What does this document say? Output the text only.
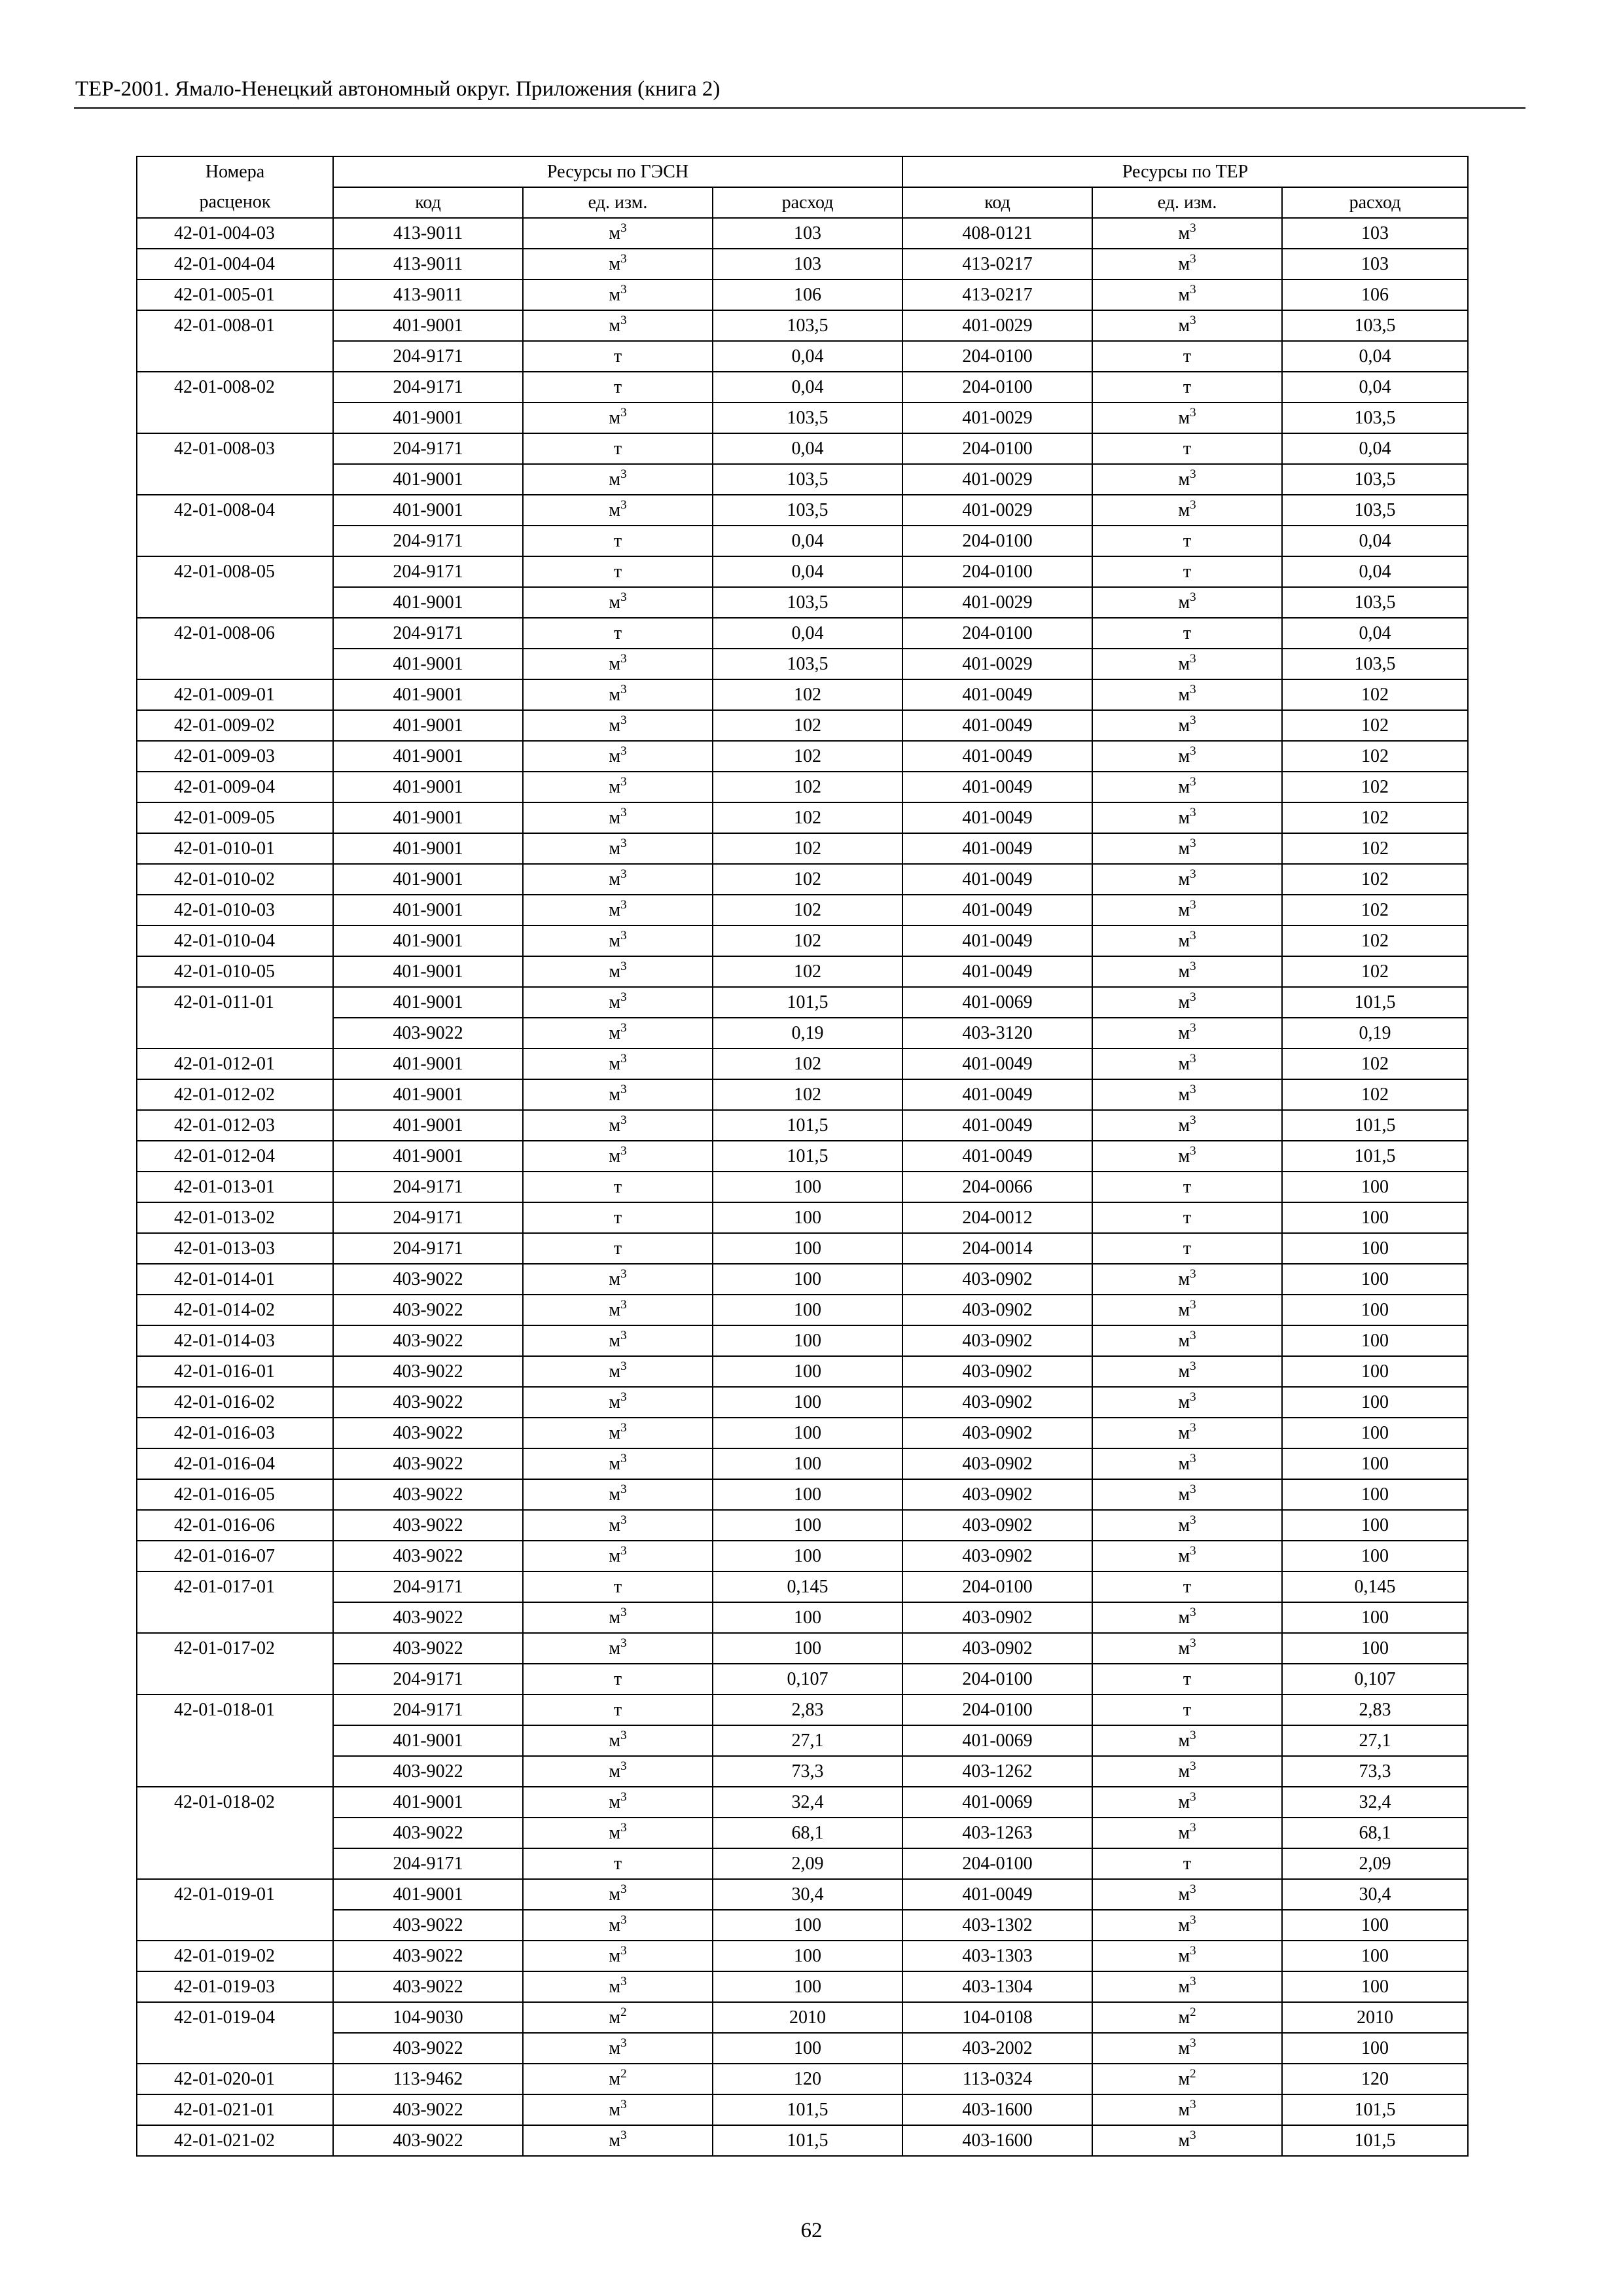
ТЕР-2001. Ямало-Ненецкий автономный округ. Приложения (книга 2)
Номера	Ресурсы по ГЭСН			Ресурсы по ТЕР		
расценок	код	ед. изм.	расход	код	ед. изм.	расход
42-01-004-03	413-9011	$м^3$	103	408-0121	$м^3$	103
42-01-004-04	413-9011	$м^3$	103	413-0217	$м^3$	103
42-01-005-01	413-9011	$м^3$	106	413-0217	$м^3$	106
42-01-008-01	401-9001	$м^3$	103,5	401-0029	$м^3$	103,5
	204-9171	т	0,04	204-0100	т	0,04
42-01-008-02	204-9171	т	0,04	204-0100	т	0,04
	401-9001	$м^3$	103,5	401-0029	$м^3$	103,5
42-01-008-03	204-9171	т	0,04	204-0100	т	0,04
	401-9001	$м^3$	103,5	401-0029	$м^3$	103,5
42-01-008-04	401-9001	$м^3$	103,5	401-0029	$м^3$	103,5
	204-9171	т	0,04	204-0100	т	0,04
42-01-008-05	204-9171	т	0,04	204-0100	т	0,04
	401-9001	$м^3$	103,5	401-0029	$м^3$	103,5
42-01-008-06	204-9171	т	0,04	204-0100	т	0,04
	401-9001	$м^3$	103,5	401-0029	$м^3$	103,5
42-01-009-01	401-9001	$м^3$	102	401-0049	$м^3$	102
42-01-009-02	401-9001	$м^3$	102	401-0049	$м^3$	102
42-01-009-03	401-9001	$м^3$	102	401-0049	$м^3$	102
42-01-009-04	401-9001	$м^3$	102	401-0049	$м^3$	102
42-01-009-05	401-9001	$м^3$	102	401-0049	$м^3$	102
42-01-010-01	401-9001	$м^3$	102	401-0049	$м^3$	102
42-01-010-02	401-9001	$м^3$	102	401-0049	$м^3$	102
42-01-010-03	401-9001	$м^3$	102	401-0049	$м^3$	102
42-01-010-04	401-9001	$м^3$	102	401-0049	$м^3$	102
42-01-010-05	401-9001	$м^3$	102	401-0049	$м^3$	102
42-01-011-01	401-9001	$м^3$	101,5	401-0069	$м^3$	101,5
	403-9022	$м^3$	0,19	403-3120	$м^3$	0,19
42-01-012-01	401-9001	$м^3$	102	401-0049	$м^3$	102
42-01-012-02	401-9001	$м^3$	102	401-0049	$м^3$	102
42-01-012-03	401-9001	$м^3$	101,5	401-0049	$м^3$	101,5
42-01-012-04	401-9001	$м^3$	101,5	401-0049	$м^3$	101,5
42-01-013-01	204-9171	т	100	204-0066	т	100
42-01-013-02	204-9171	т	100	204-0012	т	100
42-01-013-03	204-9171	т	100	204-0014	т	100
42-01-014-01	403-9022	$м^3$	100	403-0902	$м^3$	100
42-01-014-02	403-9022	$м^3$	100	403-0902	$м^3$	100
42-01-014-03	403-9022	$м^3$	100	403-0902	$м^3$	100
42-01-016-01	403-9022	$м^3$	100	403-0902	$м^3$	100
42-01-016-02	403-9022	$м^3$	100	403-0902	$м^3$	100
42-01-016-03	403-9022	$м^3$	100	403-0902	$м^3$	100
42-01-016-04	403-9022	$м^3$	100	403-0902	$м^3$	100
42-01-016-05	403-9022	$м^3$	100	403-0902	$м^3$	100
42-01-016-06	403-9022	$м^3$	100	403-0902	$м^3$	100
42-01-016-07	403-9022	$м^3$	100	403-0902	$м^3$	100
42-01-017-01	204-9171	т	0,145	204-0100	т	0,145
	403-9022	$м^3$	100	403-0902	$м^3$	100
42-01-017-02	403-9022	$м^3$	100	403-0902	$м^3$	100
	204-9171	т	0,107	204-0100	т	0,107
42-01-018-01	204-9171	т	2,83	204-0100	т	2,83
	401-9001	$м^3$	27,1	401-0069	$м^3$	27,1
	403-9022	$м^3$	73,3	403-1262	$м^3$	73,3
42-01-018-02	401-9001	$м^3$	32,4	401-0069	$м^3$	32,4
	403-9022	$м^3$	68,1	403-1263	$м^3$	68,1
	204-9171	т	2,09	204-0100	т	2,09
42-01-019-01	401-9001	$м^3$	30,4	401-0049	$м^3$	30,4
	403-9022	$м^3$	100	403-1302	$м^3$	100
42-01-019-02	403-9022	$м^3$	100	403-1303	$м^3$	100
42-01-019-03	403-9022	$м^3$	100	403-1304	$м^3$	100
42-01-019-04	104-9030	$м^2$	2010	104-0108	$м^2$	2010
	403-9022	$м^3$	100	403-2002	$м^3$	100
42-01-020-01	113-9462	$м^2$	120	113-0324	$м^2$	120
42-01-021-01	403-9022	$м^3$	101,5	403-1600	$м^3$	101,5
42-01-021-02	403-9022	$м^3$	101,5	403-1600	$м^3$	101,5
62
